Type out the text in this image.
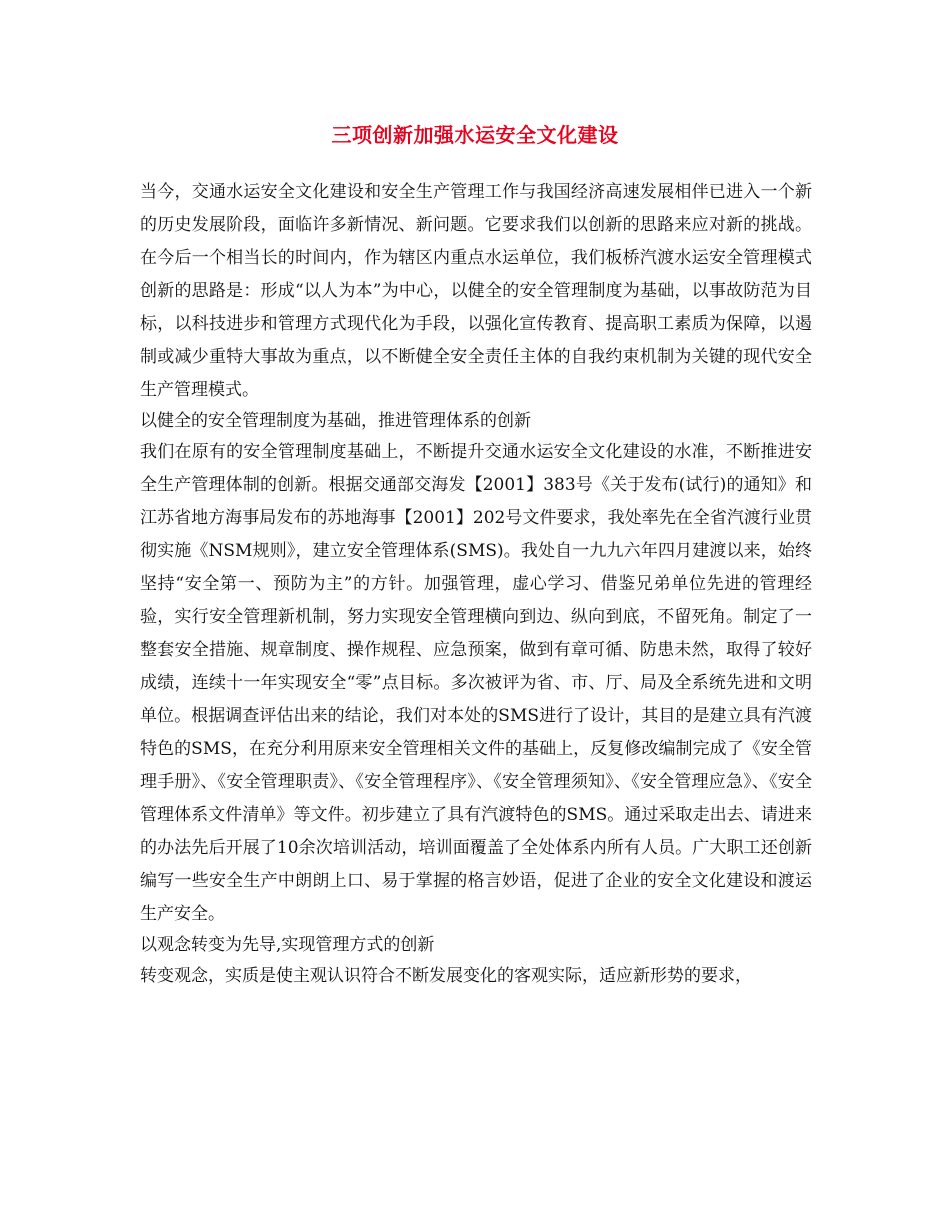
三项创新加强水运安全文化建设

当今，交通水运安全文化建设和安全生产管理工作与我国经济高速发展相伴已进入一个新的历史发展阶段，面临许多新情况、新问题。它要求我们以创新的思路来应对新的挑战。在今后一个相当长的时间内，作为辖区内重点水运单位，我们板桥汽渡水运安全管理模式创新的思路是：形成“以人为本”为中心，以健全的安全管理制度为基础，以事故防范为目标，以科技进步和管理方式现代化为手段，以强化宣传教育、提高职工素质为保障，以遏制或减少重特大事故为重点，以不断健全安全责任主体的自我约束机制为关键的现代安全生产管理模式。

以健全的安全管理制度为基础，推进管理体系的创新

我们在原有的安全管理制度基础上，不断提升交通水运安全文化建设的水准，不断推进安全生产管理体制的创新。根据交通部交海发【2001】383号《关于发布(试行)的通知》和江苏省地方海事局发布的苏地海事【2001】202号文件要求，我处率先在全省汽渡行业贯彻实施《NSM规则》，建立安全管理体系(SMS)。我处自一九九六年四月建渡以来，始终坚持“安全第一、预防为主”的方针。加强管理，虚心学习、借鉴兄弟单位先进的管理经验，实行安全管理新机制，努力实现安全管理横向到边、纵向到底，不留死角。制定了一整套安全措施、规章制度、操作规程、应急预案，做到有章可循、防患未然，取得了较好成绩，连续十一年实现安全“零”点目标。多次被评为省、市、厅、局及全系统先进和文明单位。根据调查评估出来的结论，我们对本处的SMS进行了设计，其目的是建立具有汽渡特色的SMS，在充分利用原来安全管理相关文件的基础上，反复修改编制完成了《安全管理手册》、《安全管理职责》、《安全管理程序》、《安全管理须知》、《安全管理应急》、《安全管理体系文件清单》等文件。初步建立了具有汽渡特色的SMS。通过采取走出去、请进来的办法先后开展了10余次培训活动，培训面覆盖了全处体系内所有人员。广大职工还创新编写一些安全生产中朗朗上口、易于掌握的格言妙语，促进了企业的安全文化建设和渡运生产安全。

以观念转变为先导,实现管理方式的创新

转变观念，实质是使主观认识符合不断发展变化的客观实际，适应新形势的要求，
